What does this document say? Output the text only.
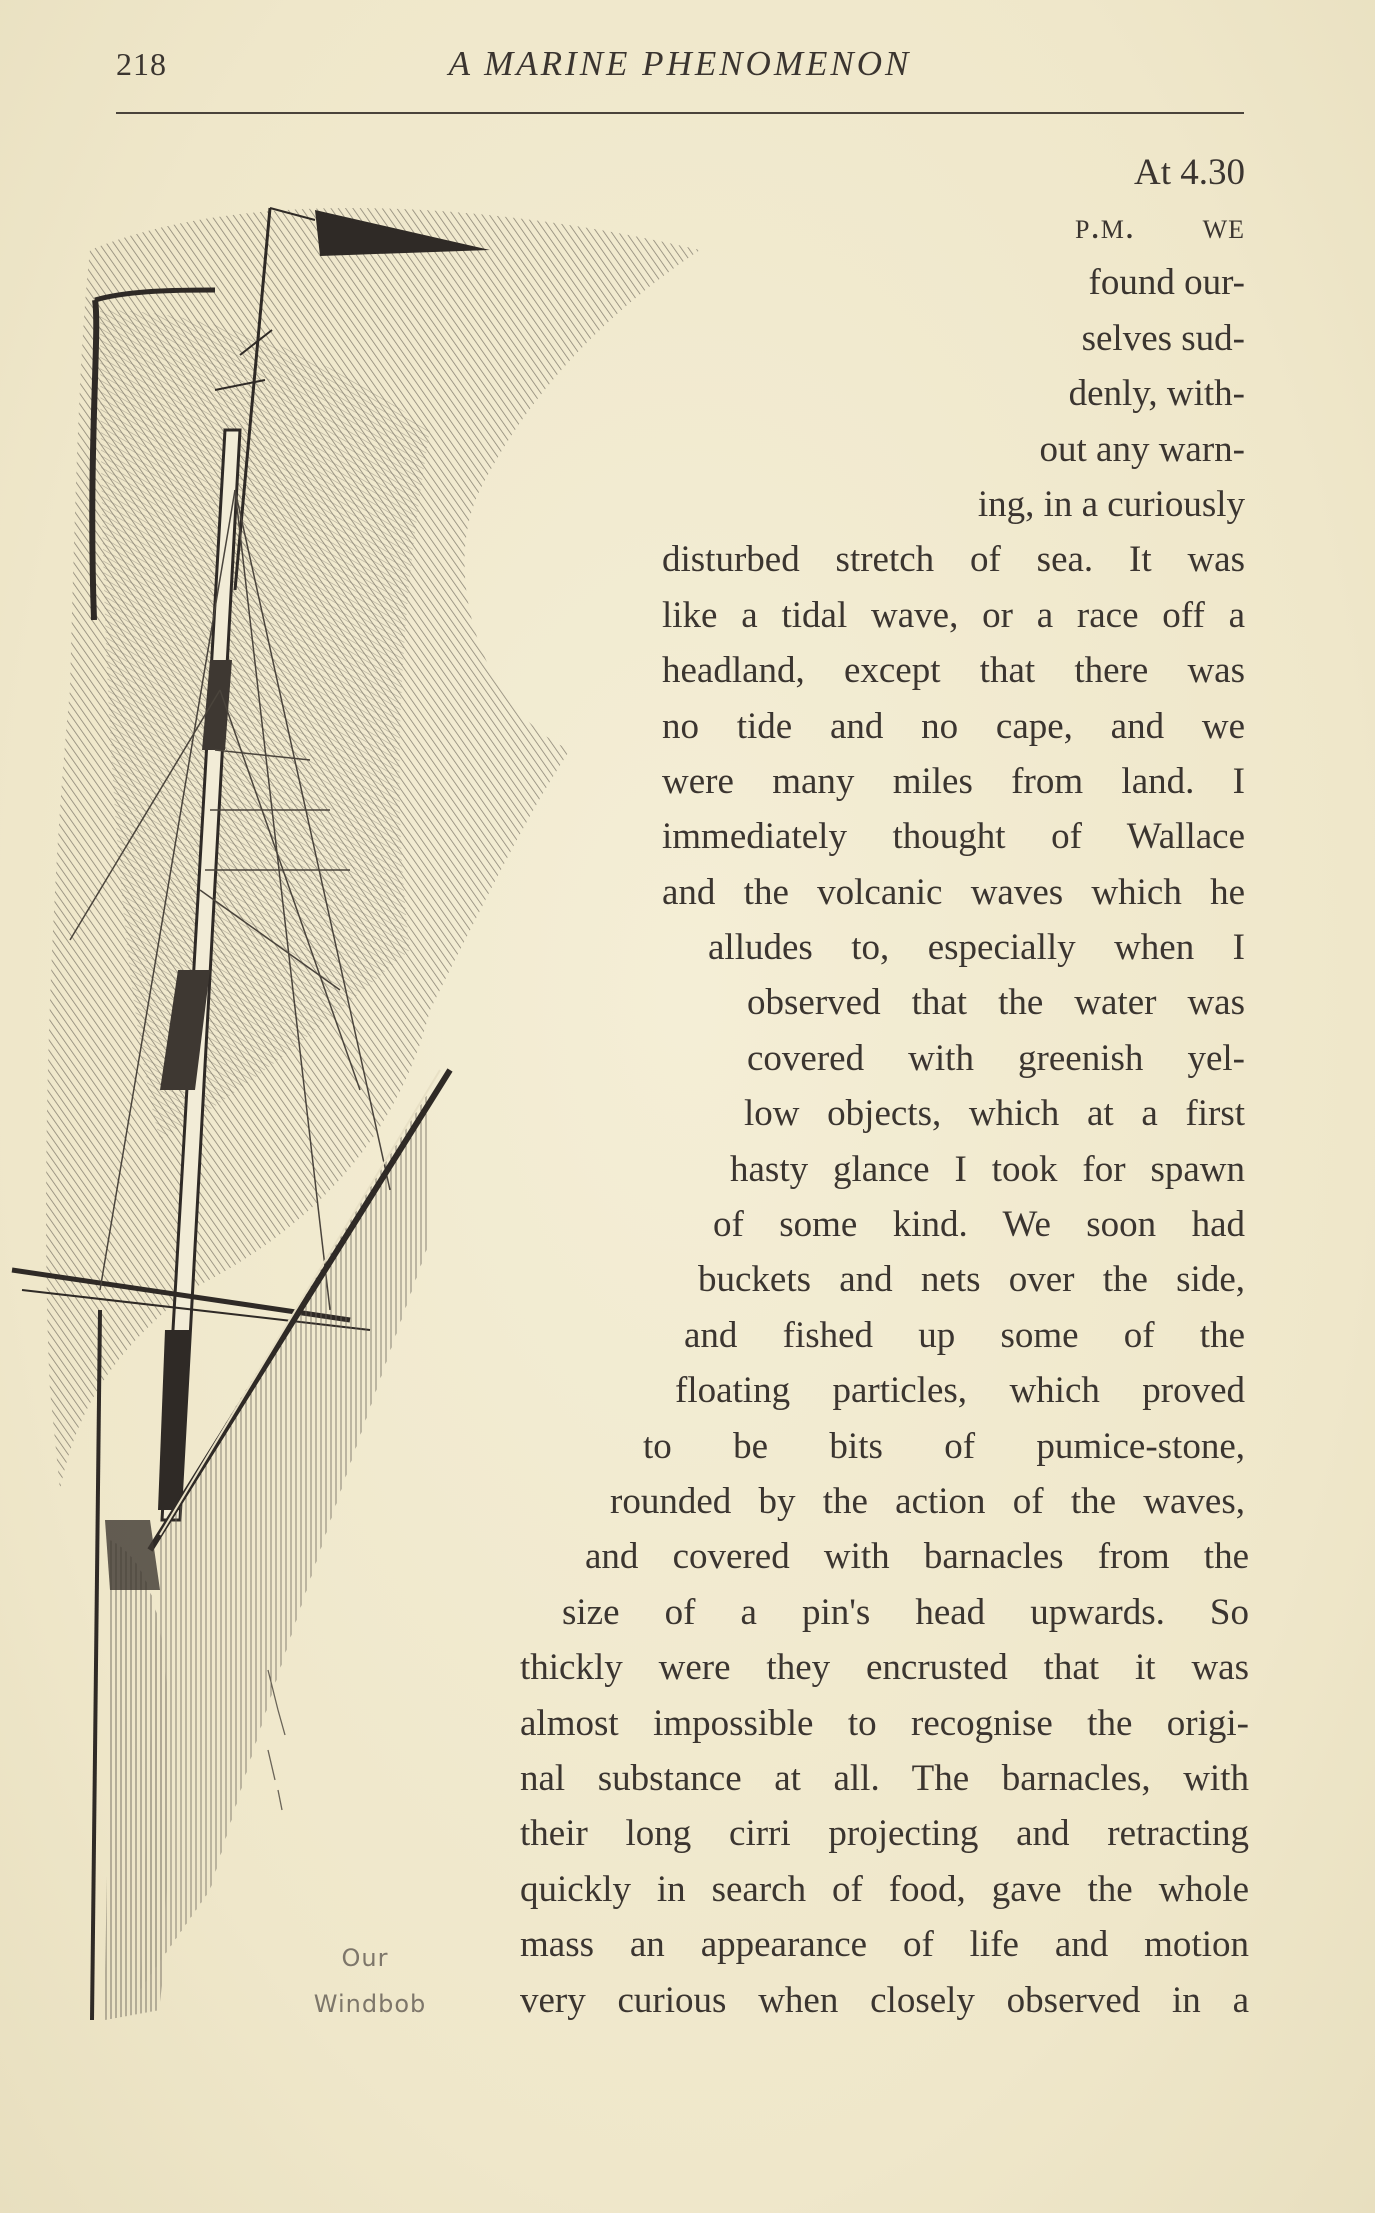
218	A MARINE PHENOMENON
Our
Windbob
At 4.30
p.m. we
found our-
selves sud-
denly, with-
out any warn-
ing, in a curiously
disturbed stretch of sea. It was
like a tidal wave, or a race off a
headland, except that there was
no tide and no cape, and we
were many miles from land. I
immediately thought of Wallace
and the volcanic waves which he
alludes to, especially when I
observed that the water was
covered with greenish yel-
low objects, which at a first
hasty glance I took for spawn
of some kind. We soon had
buckets and nets over the side,
and fished up some of the
floating particles, which proved
to be bits of pumice-stone,
rounded by the action of the waves,
and covered with barnacles from the
size of a pin's head upwards. So
thickly were they encrusted that it was
almost impossible to recognise the origi-
nal substance at all. The barnacles, with
their long cirri projecting and retracting
quickly in search of food, gave the whole
mass an appearance of life and motion
very curious when closely observed in a
